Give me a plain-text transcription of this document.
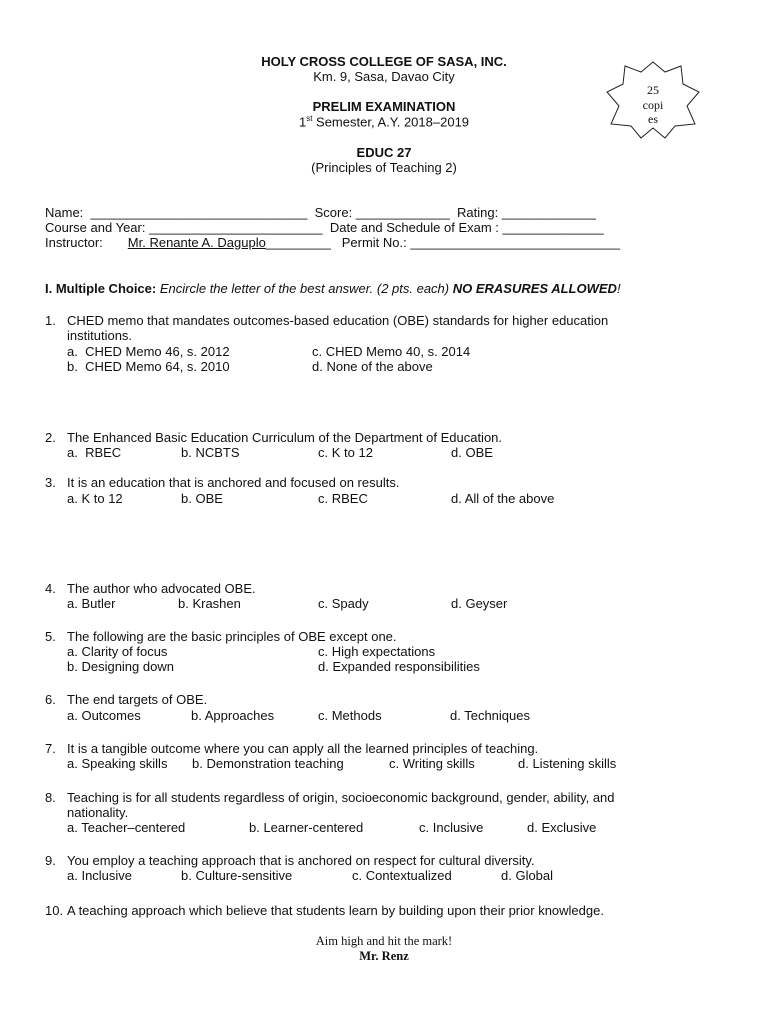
HOLY CROSS COLLEGE OF SASA, INC.
Km. 9, Sasa, Davao City
PRELIM EXAMINATION
1st Semester, A.Y. 2018–2019
EDUC 27
(Principles of Teaching 2)
25
copi
es
Name:  ______________________________  Score: _____________  Rating: _____________
Course and Year: ________________________  Date and Schedule of Exam : ______________
Instructor: Mr. Renante A. Daguplo_________   Permit No.: _____________________________
I. Multiple Choice: Encircle the letter of the best answer. (2 pts. each) NO ERASURES ALLOWED!
1. CHED memo that mandates outcomes-based education (OBE) standards for higher education
institutions.
a.  CHED Memo 46, s. 2012	c. CHED Memo 40, s. 2014
b.  CHED Memo 64, s. 2010	d. None of the above
2. The Enhanced Basic Education Curriculum of the Department of Education.
a.  RBEC	b. NCBTS	c. K to 12	d. OBE
3. It is an education that is anchored and focused on results.
a. K to 12	b. OBE	c. RBEC	d. All of the above
4. The author who advocated OBE.
a. Butler	b. Krashen	c. Spady	d. Geyser
5. The following are the basic principles of OBE except one.
a. Clarity of focus	c. High expectations
b. Designing down	d. Expanded responsibilities
6. The end targets of OBE.
a. Outcomes	b. Approaches	c. Methods	d. Techniques
7. It is a tangible outcome where you can apply all the learned principles of teaching.
a. Speaking skills b. Demonstration teaching	c. Writing skills	d. Listening skills
8. Teaching is for all students regardless of origin, socioeconomic background, gender, ability, and
nationality.
a. Teacher–centered	b. Learner-centered	c. Inclusive	d. Exclusive
9. You employ a teaching approach that is anchored on respect for cultural diversity.
a. Inclusive	b. Culture-sensitive	c. Contextualized	d. Global
10. A teaching approach which believe that students learn by building upon their prior knowledge.
Aim high and hit the mark!
Mr. Renz
